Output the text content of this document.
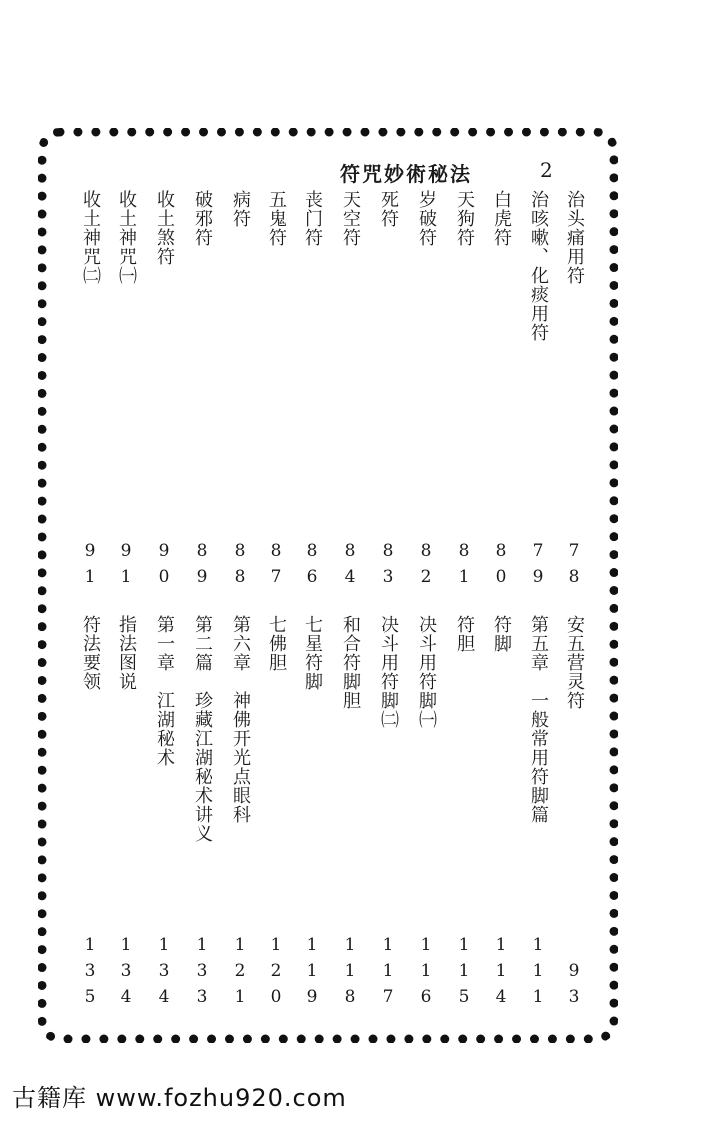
符咒妙術秘法	2
治头痛用符
7
8
治咳嗽、化痰用符
7
9
白虎符
8
0
天狗符
8
1
岁破符
8
2
死符
8
3
天空符
8
4
丧门符
8
6
五鬼符
8
7
病符
8
8
破邪符
8
9
收土煞符
9
0
收土神咒㈠
9
1
收土神咒㈡
9
1
安五营灵符
9
3
第五章　一般常用符脚篇
1
1
1
符脚
1
1
4
符胆
1
1
5
决斗用符脚㈠
1
1
6
决斗用符脚㈡
1
1
7
和合符脚胆
1
1
8
七星符脚
1
1
9
七佛胆
1
2
0
第六章　神佛开光点眼科
1
2
1
第二篇　珍藏江湖秘术讲义
1
3
3
第一章　江湖秘术
1
3
4
指法图说
1
3
4
符法要领
1
3
5
古籍库 www.fozhu920.com
